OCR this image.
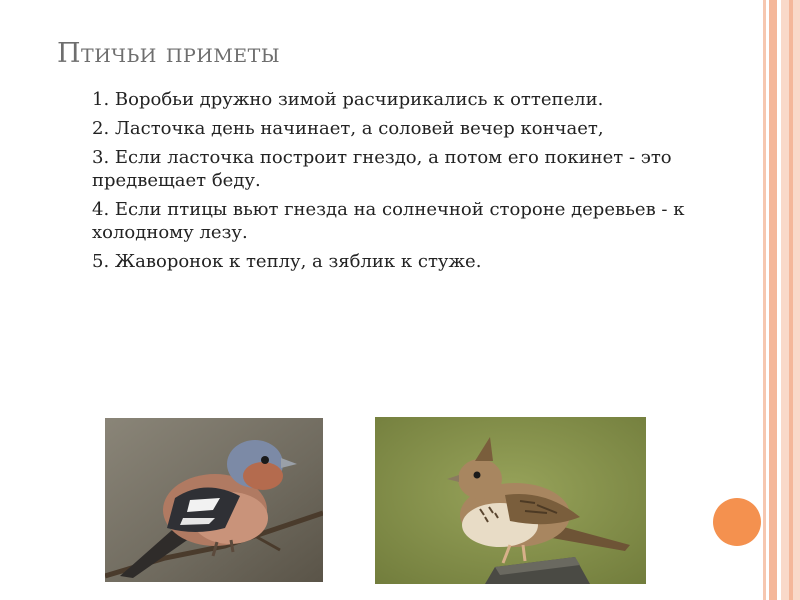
Птичьи приметы
1. Воробьи дружно зимой расчирикались к оттепели.
2. Ласточка день начинает, а соловей вечер кончает,
3. Если ласточка построит гнездо, а потом его покинет - это предвещает беду.
4. Если птицы вьют гнезда на солнечной стороне деревьев - к холодному лезу.
5. Жаворонок к теплу, а зяблик к стуже.
